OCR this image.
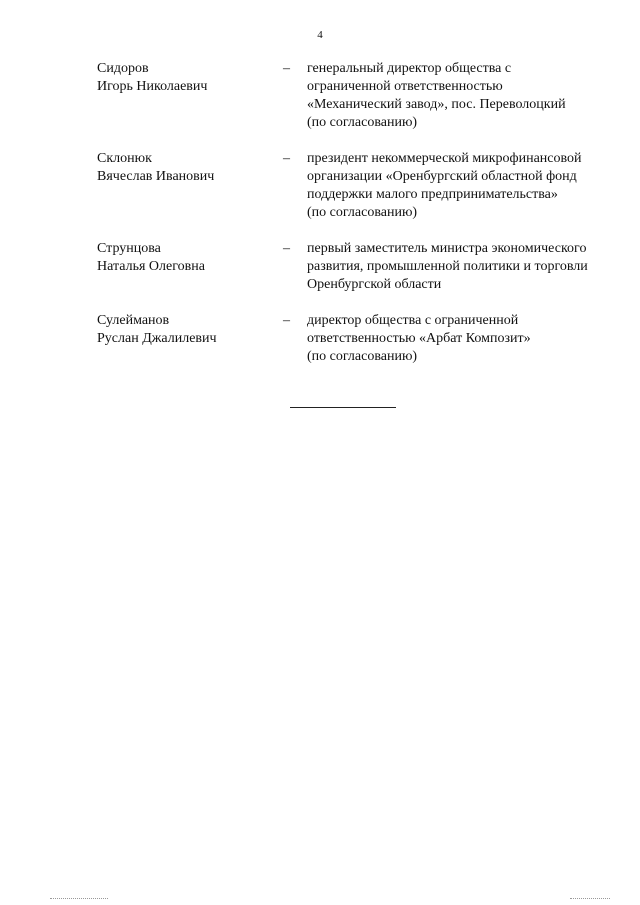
4
Сидоров
Игорь Николаевич
–	генеральный директор общества с
ограниченной ответственностью
«Механический завод», пос. Переволоцкий
(по согласованию)
Склонюк
Вячеслав Иванович
–	президент некоммерческой микрофинансовой
организации «Оренбургский областной фонд
поддержки малого предпринимательства»
(по согласованию)
Струнцова
Наталья Олеговна
–	первый заместитель министра экономического
развития, промышленной политики и торговли
Оренбургской области
Сулейманов
Руслан Джалилевич
–	директор общества с ограниченной
ответственностью «Арбат Композит»
(по согласованию)
